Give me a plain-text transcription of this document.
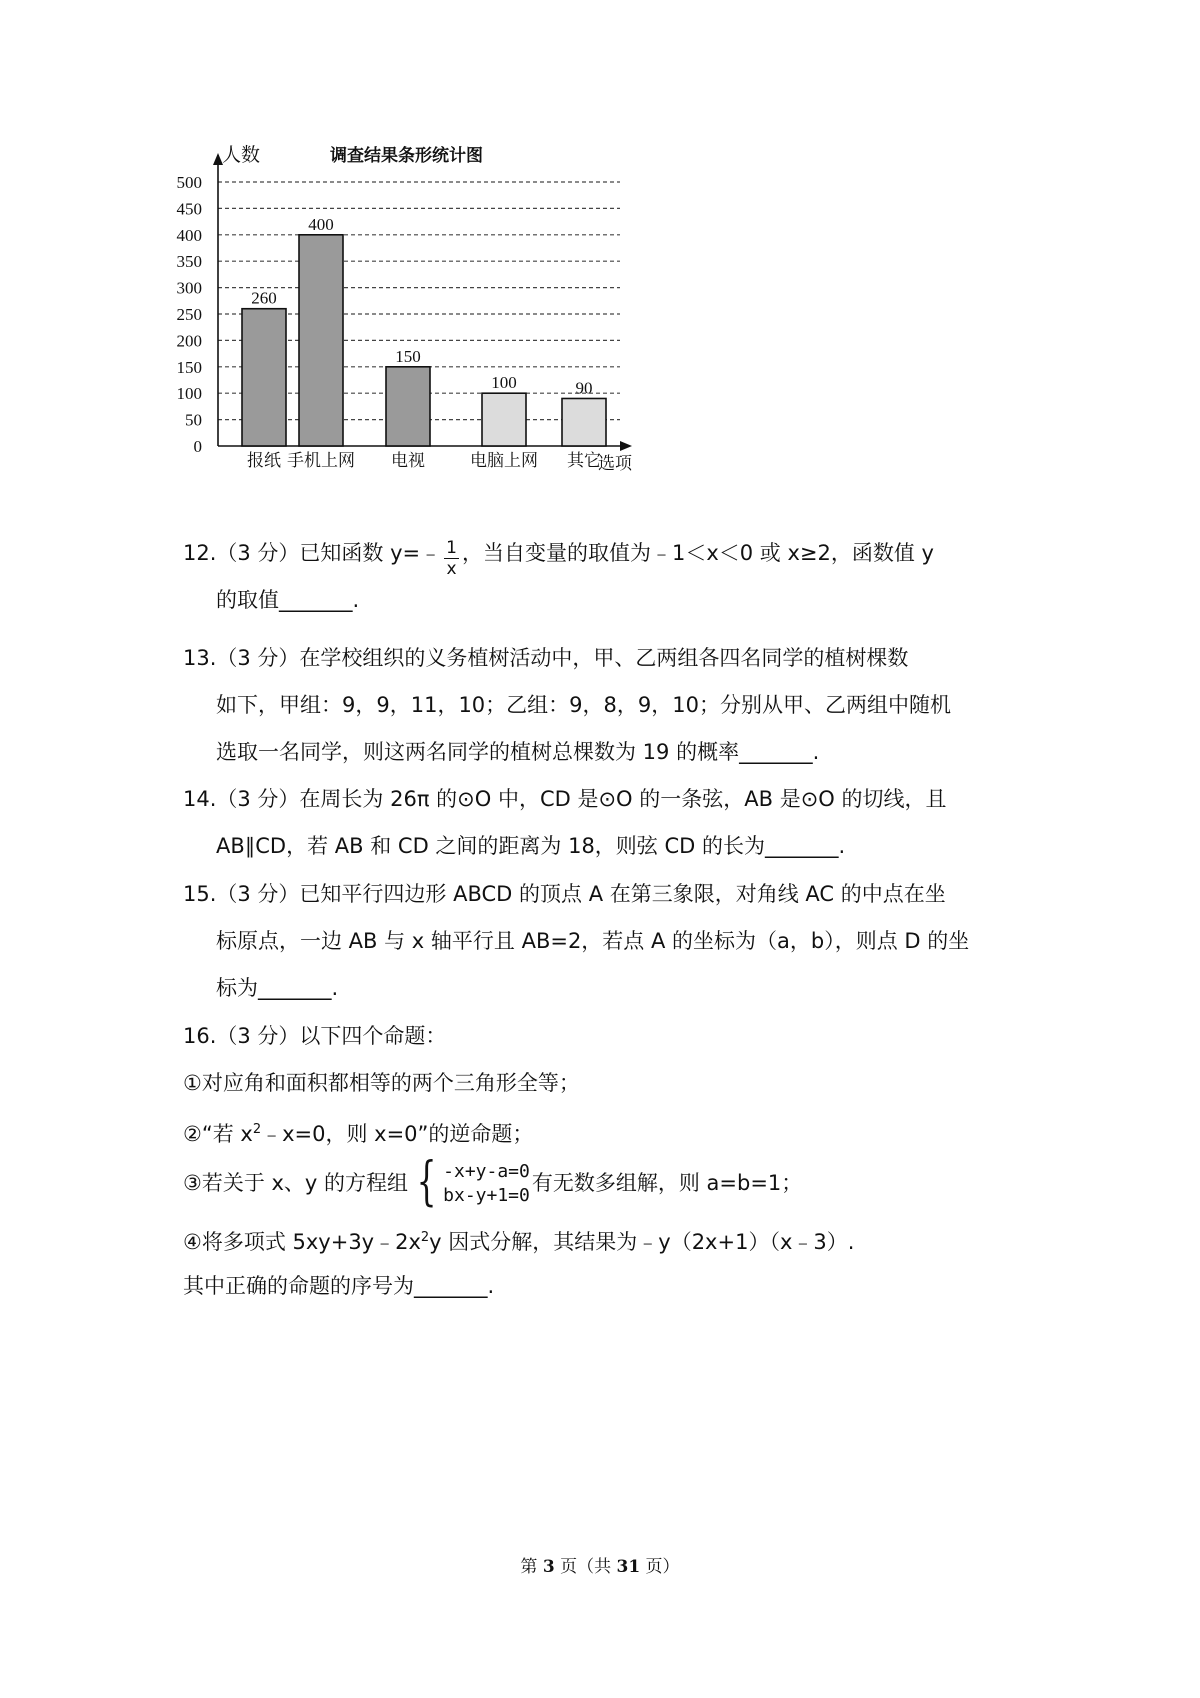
0
50
100
150
200
250
300
350
400
450
500
人数	调查结果条形统计图
选项
260
报纸
400
手机上网
150
电视
100
电脑上网
90
其它
12.（3 分）已知函数 y=﹣ $\frac{1}{x}$ ，当自变量的取值为﹣1＜x＜0 或 x≥2，函数值 y
的取值_______.
13.（3 分）在学校组织的义务植树活动中，甲、乙两组各四名同学的植树棵数
如下，甲组：9，9，11，10；乙组：9，8，9，10；分别从甲、乙两组中随机
选取一名同学，则这两名同学的植树总棵数为 19 的概率_______.
14.（3 分）在周长为 26π 的⊙O 中，CD 是⊙O 的一条弦，AB 是⊙O 的切线，且
AB∥CD，若 AB 和 CD 之间的距离为 18，则弦 CD 的长为_______.
15.（3 分）已知平行四边形 ABCD 的顶点 A 在第三象限，对角线 AC 的中点在坐
标原点，一边 AB 与 x 轴平行且 AB=2，若点 A 的坐标为（a，b），则点 D 的坐
标为_______.
16.（3 分）以下四个命题：
①对应角和面积都相等的两个三角形全等；
②“若 $x^2﹣x=0$，则 x=0”的逆命题；
③若关于 x、y 的方程组 { -x+y-a=0
bx-y+1=0
有无数多组解，则 a=b=1；
④将多项式 $5xy+3y﹣2x^2y$ 因式分解，其结果为﹣y（2x+1）（x﹣3）.
其中正确的命题的序号为_______.
第 3 页（共 31 页）
